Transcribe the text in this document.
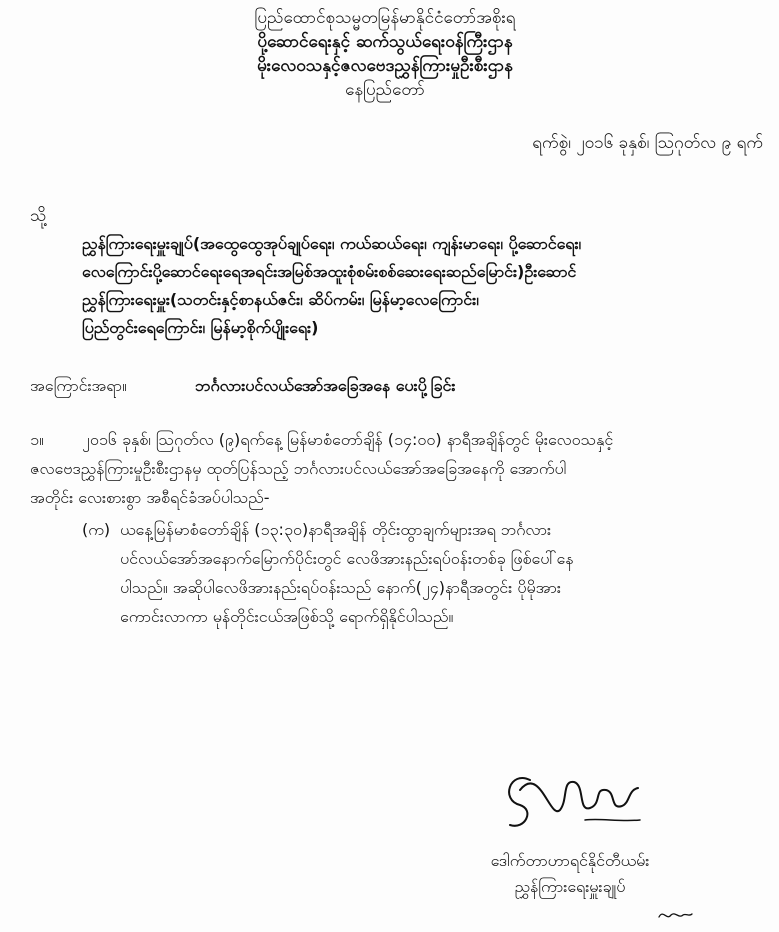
ပြည်ထောင်စုသမ္မတမြန်မာနိုင်ငံတော်အစိုးရ
ပို့ဆောင်ရေးနှင့် ဆက်သွယ်ရေးဝန်ကြီးဌာန
မိုးလေဝသနှင့်ဇလဗေဒညွှန်ကြားမှုဦးစီးဌာန
နေပြည်တော်
ရက်စွဲ၊ ၂၀၁၆ ခုနှစ်၊ ဩဂုတ်လ ၉ ရက်
သို့
ညွှန်ကြားရေးမှူးချုပ်(အထွေထွေအုပ်ချုပ်ရေး၊ ကယ်ဆယ်ရေး၊ ကျန်းမာရေး၊ ပို့ဆောင်ရေး၊
လေကြောင်းပို့ဆောင်ရေးရေအရင်းအမြစ်အထူးစုံစမ်းစစ်ဆေးရေးဆည်မြောင်း)ဦးဆောင်
ညွှန်ကြားရေးမှူး(သတင်းနှင့်စာနယ်ဇင်း၊ ဆိပ်ကမ်း၊ မြန်မာ့လေကြောင်း၊
ပြည်တွင်းရေကြောင်း၊ မြန်မာ့စိုက်ပျိုးရေး)
အကြောင်းအရာ။	ဘင်္ဂလားပင်လယ်အော်အခြေအနေ ပေးပို့ခြင်း
၁။ ၂၀၁၆ ခုနှစ်၊ ဩဂုတ်လ (၉)ရက်နေ့ မြန်မာစံတော်ချိန် (၁၄:၀၀) နာရီအချိန်တွင် မိုးလေဝသနှင့်
ဇလဗေဒညွှန်ကြားမှုဦးစီးဌာနမှ ထုတ်ပြန်သည့် ဘင်္ဂလားပင်လယ်အော်အခြေအနေကို အောက်ပါ
အတိုင်း လေးစားစွာ အစီရင်ခံအပ်ပါသည်-
(က) ယနေ့မြန်မာစံတော်ချိန် (၁၃:၃၀)နာရီအချိန် တိုင်းထွာချက်များအရ ဘင်္ဂလား
ပင်လယ်အော်အနောက်မြောက်ပိုင်းတွင် လေဖိအားနည်းရပ်ဝန်းတစ်ခု ဖြစ်ပေါ်နေ
ပါသည်။ အဆိုပါလေဖိအားနည်းရပ်ဝန်းသည် နောက်(၂၄)နာရီအတွင်း ပိုမိုအား
ကောင်းလာကာ မုန်တိုင်းငယ်အဖြစ်သို့ ရောက်ရှိနိုင်ပါသည်။
ဒေါက်တာဟာရင်နိုင်တီယမ်း
ညွှန်ကြားရေးမှူးချုပ်
